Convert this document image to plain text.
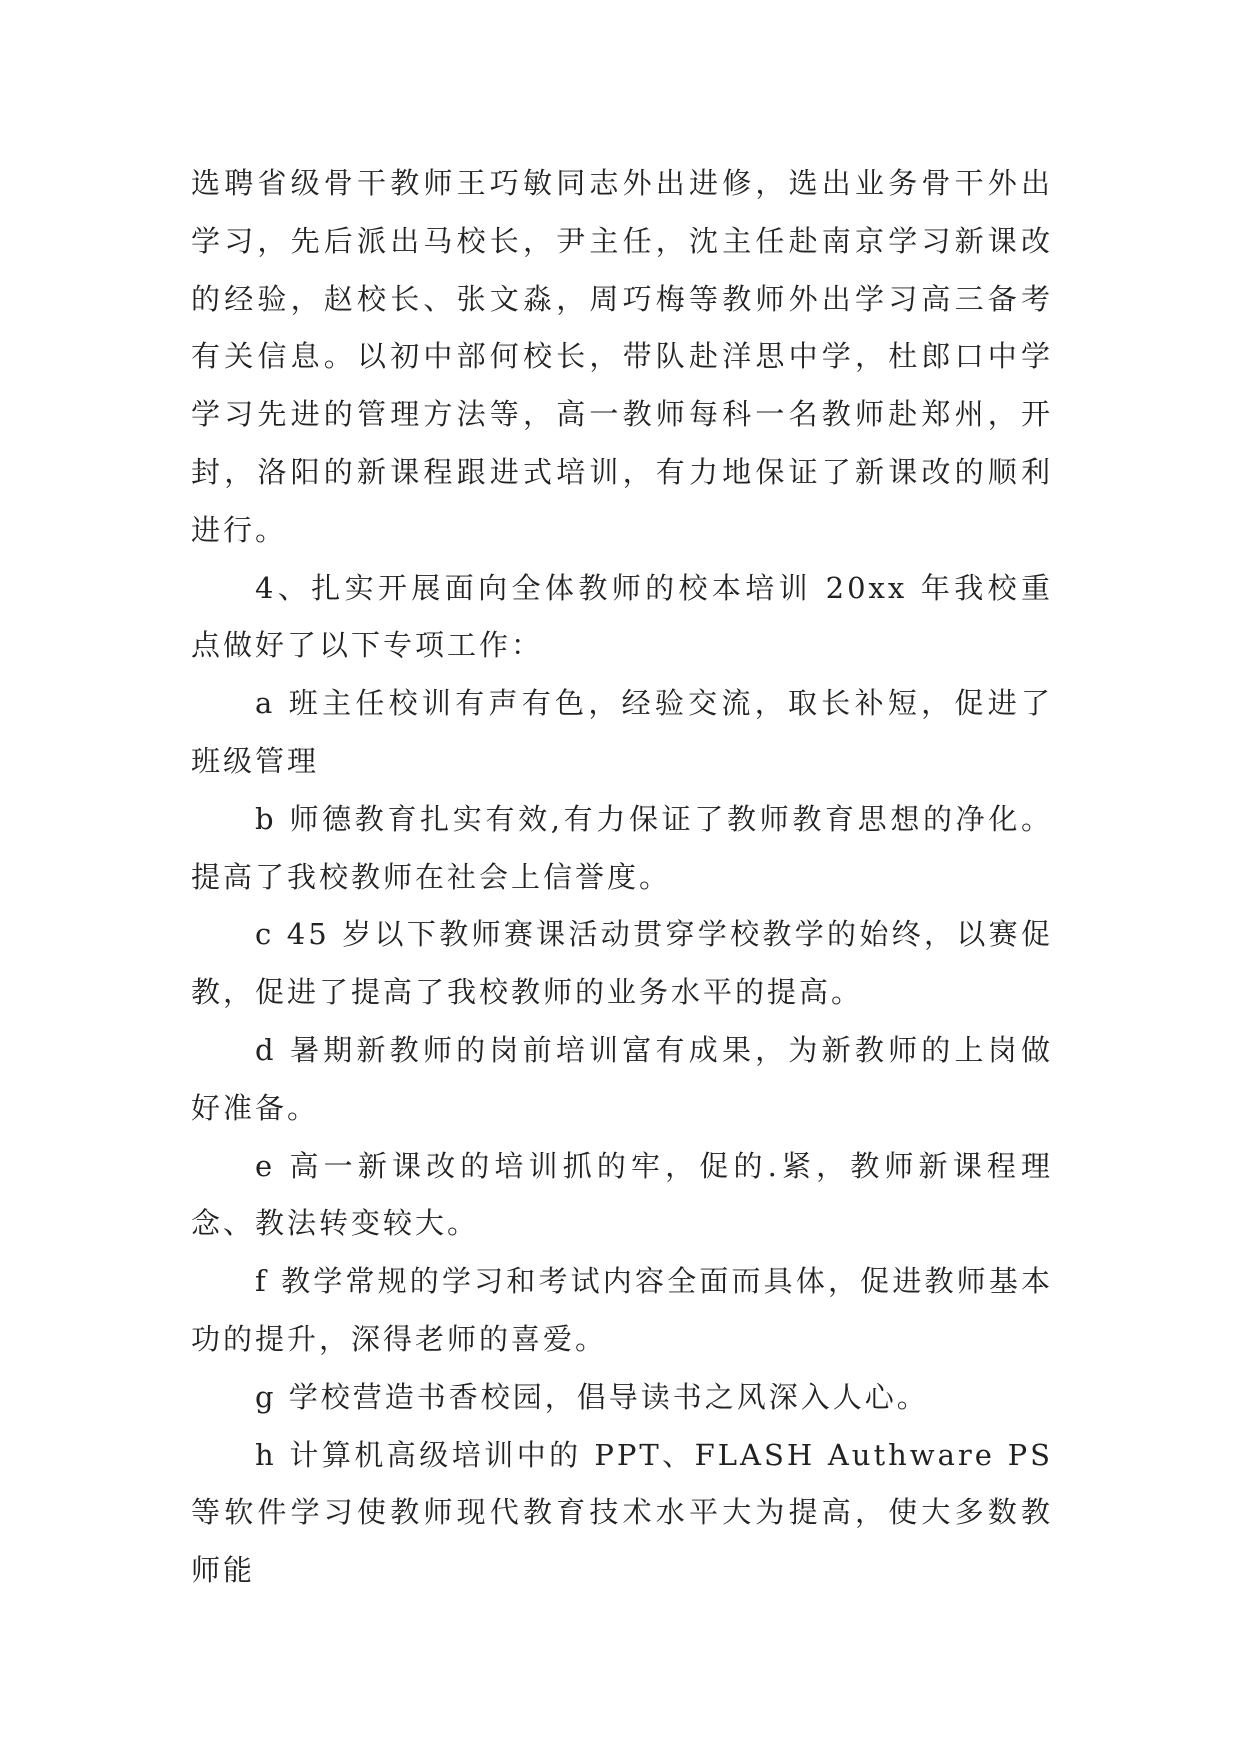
选聘省级骨干教师王巧敏同志外出进修，选出业务骨干外出学习，先后派出马校长，尹主任，沈主任赴南京学习新课改的经验，赵校长、张文淼，周巧梅等教师外出学习高三备考有关信息。以初中部何校长，带队赴洋思中学，杜郎口中学学习先进的管理方法等，高一教师每科一名教师赴郑州，开封，洛阳的新课程跟进式培训，有力地保证了新课改的顺利进行。

4、扎实开展面向全体教师的校本培训 20xx 年我校重点做好了以下专项工作：

a 班主任校训有声有色，经验交流，取长补短，促进了班级管理

b 师德教育扎实有效,有力保证了教师教育思想的净化。提高了我校教师在社会上信誉度。

c 45 岁以下教师赛课活动贯穿学校教学的始终，以赛促教，促进了提高了我校教师的业务水平的提高。

d 暑期新教师的岗前培训富有成果，为新教师的上岗做好准备。

e 高一新课改的培训抓的牢，促的.紧，教师新课程理念、教法转变较大。

f 教学常规的学习和考试内容全面而具体，促进教师基本功的提升，深得老师的喜爱。

g 学校营造书香校园，倡导读书之风深入人心。

h 计算机高级培训中的 PPT、FLASH Authware PS 等软件学习使教师现代教育技术水平大为提高，使大多数教师能
